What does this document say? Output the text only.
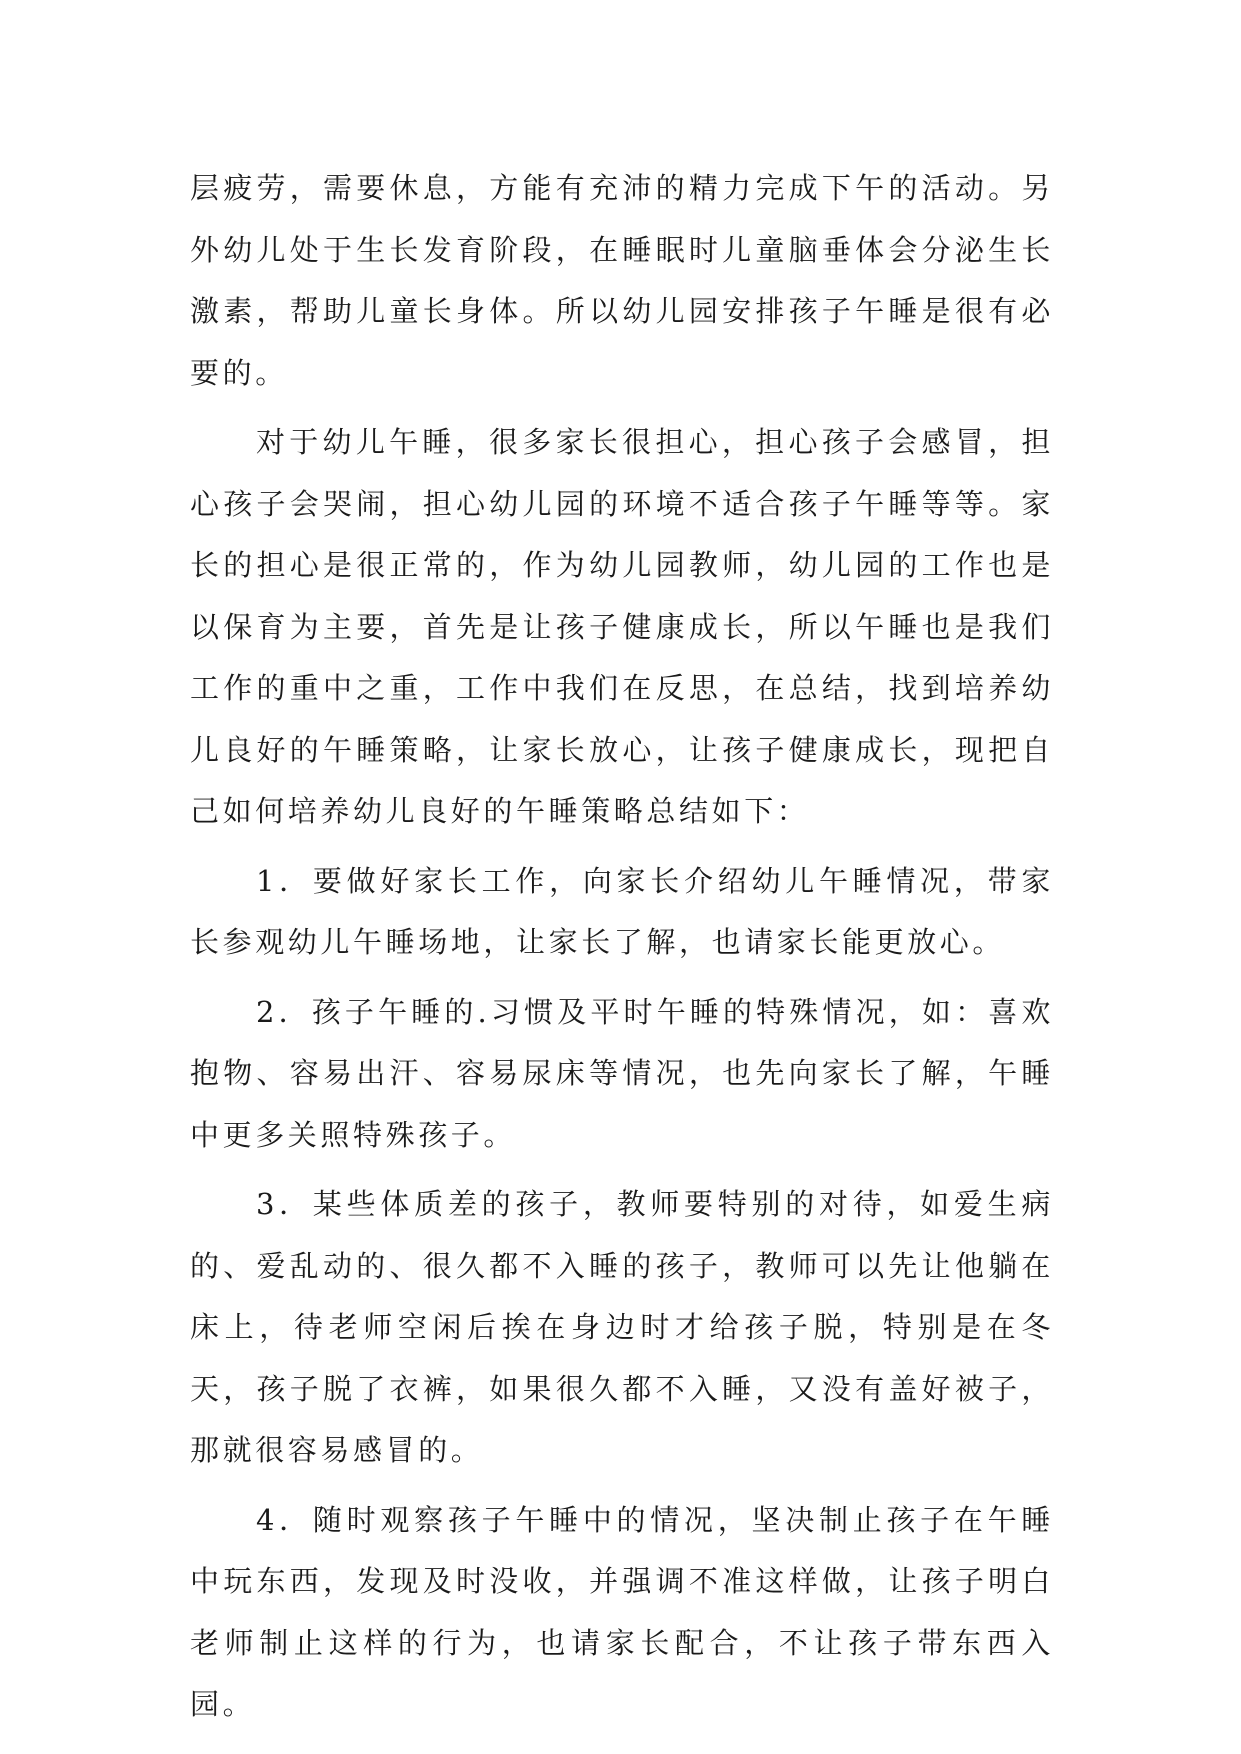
层疲劳，需要休息，方能有充沛的精力完成下午的活动。另外幼儿处于生长发育阶段，在睡眠时儿童脑垂体会分泌生长激素，帮助儿童长身体。所以幼儿园安排孩子午睡是很有必要的。

对于幼儿午睡，很多家长很担心，担心孩子会感冒，担心孩子会哭闹，担心幼儿园的环境不适合孩子午睡等等。家长的担心是很正常的，作为幼儿园教师，幼儿园的工作也是以保育为主要，首先是让孩子健康成长，所以午睡也是我们工作的重中之重，工作中我们在反思，在总结，找到培养幼儿良好的午睡策略，让家长放心，让孩子健康成长，现把自己如何培养幼儿良好的午睡策略总结如下：

1．要做好家长工作，向家长介绍幼儿午睡情况，带家长参观幼儿午睡场地，让家长了解，也请家长能更放心。

2．孩子午睡的.习惯及平时午睡的特殊情况，如：喜欢抱物、容易出汗、容易尿床等情况，也先向家长了解，午睡中更多关照特殊孩子。

3．某些体质差的孩子，教师要特别的对待，如爱生病的、爱乱动的、很久都不入睡的孩子，教师可以先让他躺在床上，待老师空闲后挨在身边时才给孩子脱，特别是在冬天，孩子脱了衣裤，如果很久都不入睡，又没有盖好被子，那就很容易感冒的。

4．随时观察孩子午睡中的情况，坚决制止孩子在午睡中玩东西，发现及时没收，并强调不准这样做，让孩子明白老师制止这样的行为，也请家长配合，不让孩子带东西入园。
